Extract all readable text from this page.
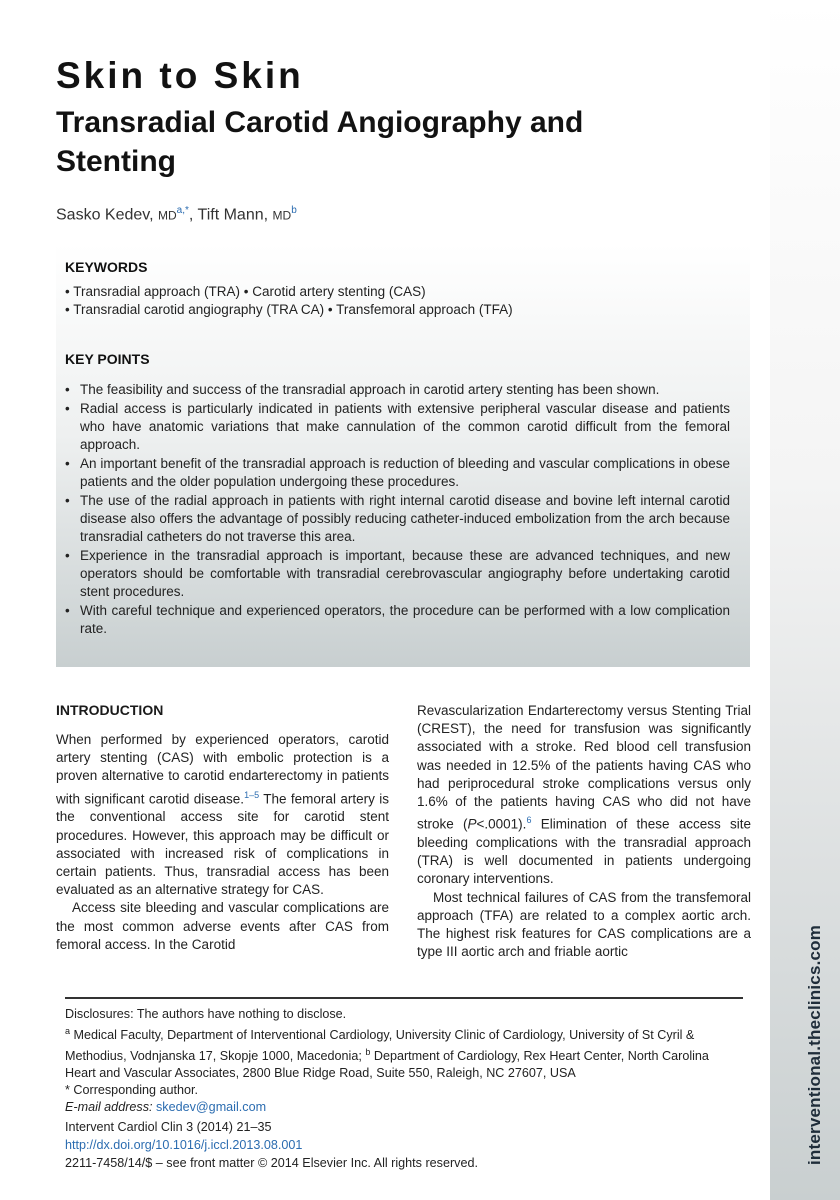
interventional.theclinics.com
Skin to Skin
Transradial Carotid Angiography and Stenting
Sasko Kedev, $MD^{a,*}$, Tift Mann, $MD^b$
KEYWORDS
• Transradial approach (TRA) • Carotid artery stenting (CAS)
• Transradial carotid angiography (TRA CA) • Transfemoral approach (TFA)
KEY POINTS
• The feasibility and success of the transradial approach in carotid artery stenting has been shown.
• Radial access is particularly indicated in patients with extensive peripheral vascular disease and patients who have anatomic variations that make cannulation of the common carotid difficult from the femoral approach.
• An important benefit of the transradial approach is reduction of bleeding and vascular complications in obese patients and the older population undergoing these procedures.
• The use of the radial approach in patients with right internal carotid disease and bovine left internal carotid disease also offers the advantage of possibly reducing catheter-induced embolization from the arch because transradial catheters do not traverse this area.
• Experience in the transradial approach is important, because these are advanced techniques, and new operators should be comfortable with transradial cerebrovascular angiography before undertaking carotid stent procedures.
• With careful technique and experienced operators, the procedure can be performed with a low complication rate.
INTRODUCTION

When performed by experienced operators, carotid artery stenting (CAS) with embolic protection is a proven alternative to carotid endarterectomy in patients with significant carotid disease.$^{1-5}$ The femoral artery is the conventional access site for carotid stent procedures. However, this approach may be difficult or associated with increased risk of complications in certain patients. Thus, transradial access has been evaluated as an alternative strategy for CAS.

Access site bleeding and vascular complications are the most common adverse events after CAS from femoral access. In the Carotid

Revascularization Endarterectomy versus Stenting Trial (CREST), the need for transfusion was significantly associated with a stroke. Red blood cell transfusion was needed in 12.5% of the patients having CAS who had periprocedural stroke complications versus only 1.6% of the patients having CAS who did not have stroke (P<.0001).$^6$ Elimination of these access site bleeding complications with the transradial approach (TRA) is well documented in patients undergoing coronary interventions.

Most technical failures of CAS from the transfemoral approach (TFA) are related to a complex aortic arch. The highest risk features for CAS complications are a type III aortic arch and friable aortic

Disclosures: The authors have nothing to disclose.
$^a$ Medical Faculty, Department of Interventional Cardiology, University Clinic of Cardiology, University of St Cyril & Methodius, Vodnjanska 17, Skopje 1000, Macedonia; $^b$ Department of Cardiology, Rex Heart Center, North Carolina Heart and Vascular Associates, 2800 Blue Ridge Road, Suite 550, Raleigh, NC 27607, USA
* Corresponding author.
E-mail address: skedev@gmail.com
Intervent Cardiol Clin 3 (2014) 21–35
http://dx.doi.org/10.1016/j.iccl.2013.08.001
2211-7458/14/$ – see front matter © 2014 Elsevier Inc. All rights reserved.
